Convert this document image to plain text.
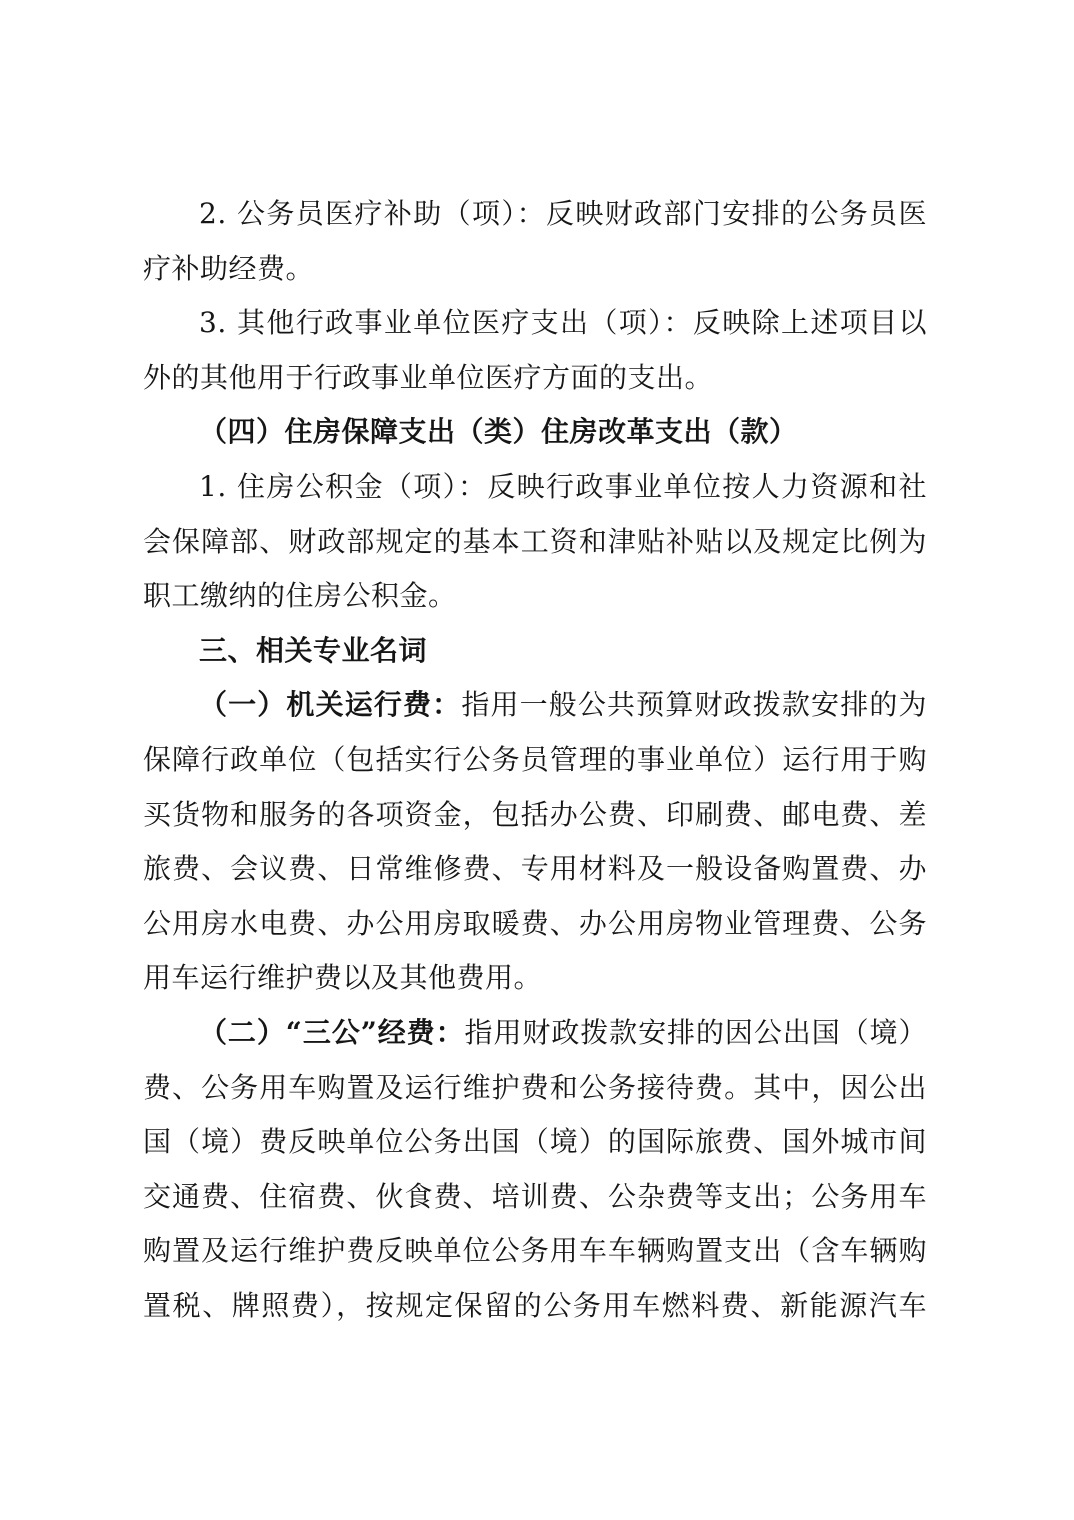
2. 公务员医疗补助（项）：反映财政部门安排的公务员医
疗补助经费。
3. 其他行政事业单位医疗支出（项）：反映除上述项目以
外的其他用于行政事业单位医疗方面的支出。
（四）住房保障支出（类）住房改革支出（款）
1. 住房公积金（项）：反映行政事业单位按人力资源和社
会保障部、财政部规定的基本工资和津贴补贴以及规定比例为
职工缴纳的住房公积金。
三、相关专业名词
（一）机关运行费：指用一般公共预算财政拨款安排的为
保障行政单位（包括实行公务员管理的事业单位）运行用于购
买货物和服务的各项资金，包括办公费、印刷费、邮电费、差
旅费、会议费、日常维修费、专用材料及一般设备购置费、办
公用房水电费、办公用房取暖费、办公用房物业管理费、公务
用车运行维护费以及其他费用。
（二）“三公”经费：指用财政拨款安排的因公出国（境）
费、公务用车购置及运行维护费和公务接待费。其中，因公出
国（境）费反映单位公务出国（境）的国际旅费、国外城市间
交通费、住宿费、伙食费、培训费、公杂费等支出；公务用车
购置及运行维护费反映单位公务用车车辆购置支出（含车辆购
置税、牌照费），按规定保留的公务用车燃料费、新能源汽车
